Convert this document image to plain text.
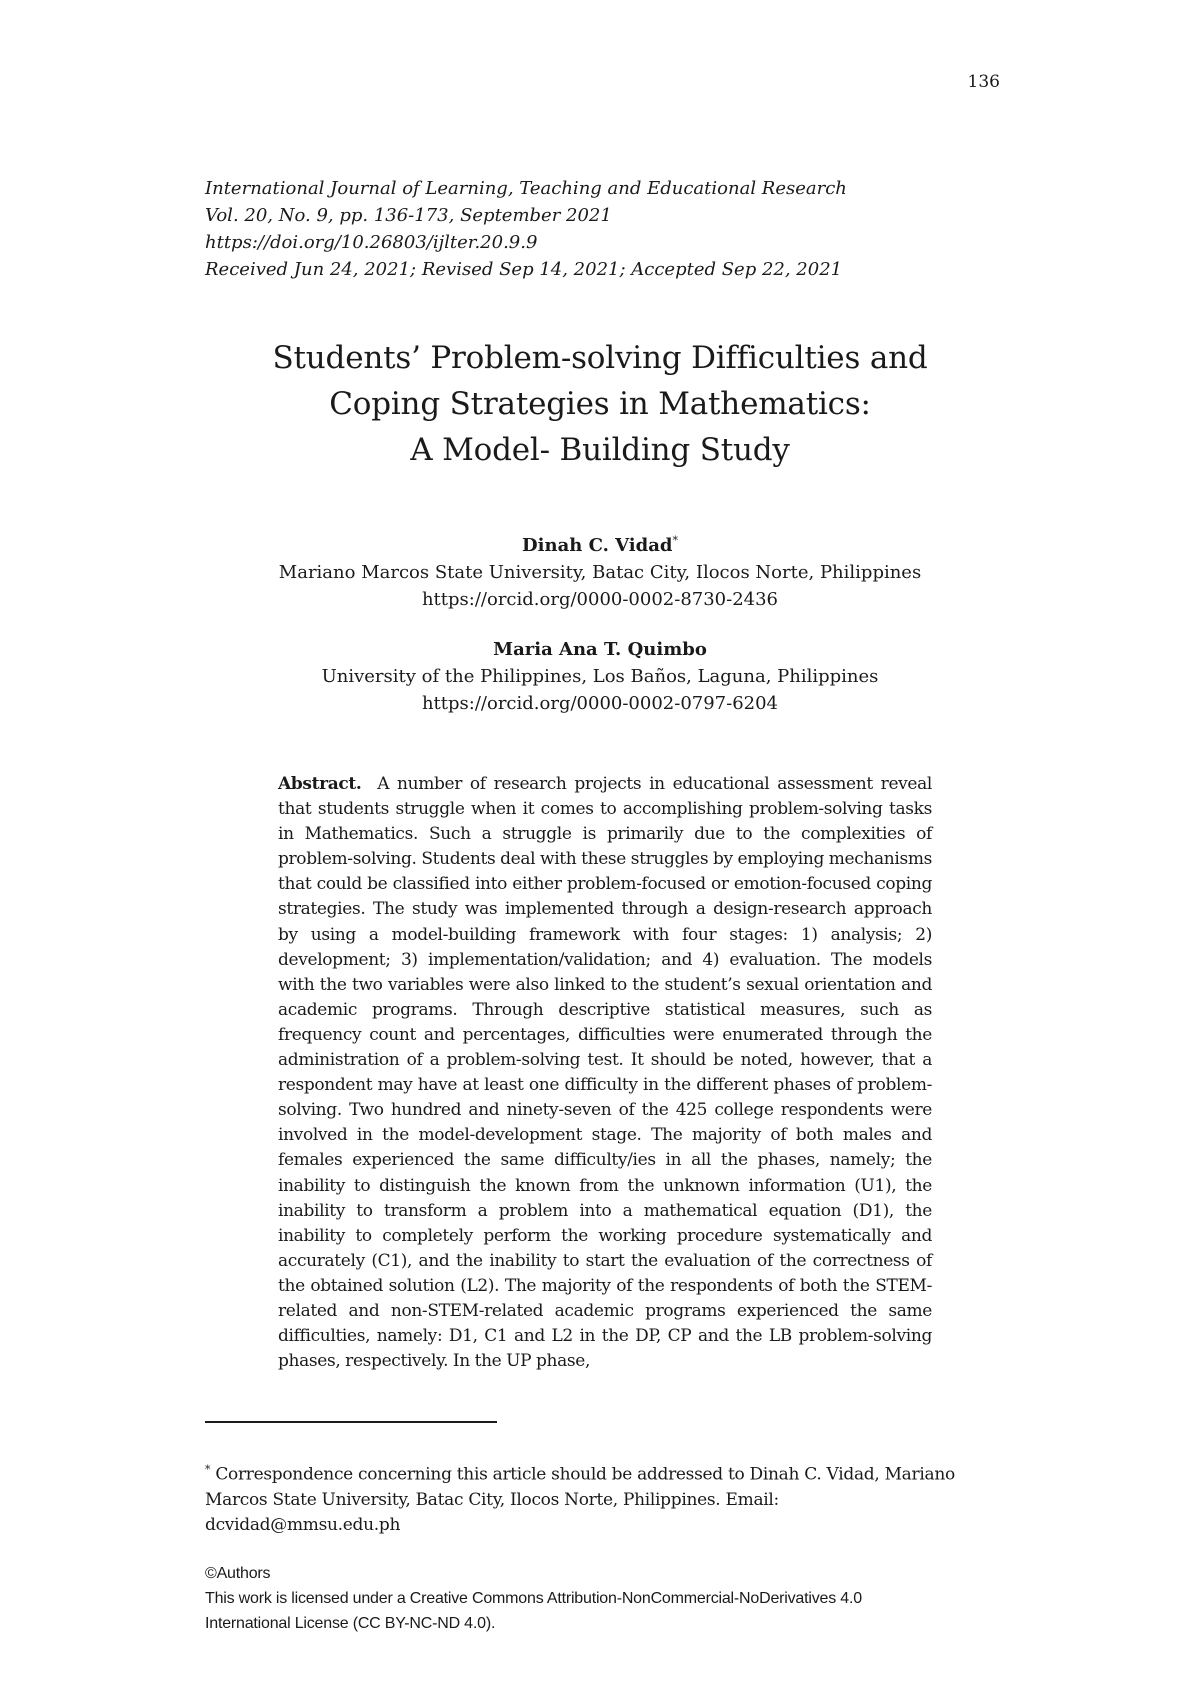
136
International Journal of Learning, Teaching and Educational Research
Vol. 20, No. 9, pp. 136-173, September 2021
https://doi.org/10.26803/ijlter.20.9.9
Received Jun 24, 2021; Revised Sep 14, 2021; Accepted Sep 22, 2021
Students’ Problem-solving Difficulties and
Coping Strategies in Mathematics:
A Model- Building Study
Dinah C. Vidad*
Mariano Marcos State University, Batac City, Ilocos Norte, Philippines
https://orcid.org/0000-0002-8730-2436
Maria Ana T. Quimbo
University of the Philippines, Los Baños, Laguna, Philippines
https://orcid.org/0000-0002-0797-6204
Abstract. A number of research projects in educational assessment reveal that students struggle when it comes to accomplishing problem-solving tasks in Mathematics. Such a struggle is primarily due to the complexities of problem-solving. Students deal with these struggles by employing mechanisms that could be classified into either problem-focused or emotion-focused coping strategies. The study was implemented through a design-research approach by using a model-building framework with four stages: 1) analysis; 2) development; 3) implementation/validation; and 4) evaluation. The models with the two variables were also linked to the student’s sexual orientation and academic programs. Through descriptive statistical measures, such as frequency count and percentages, difficulties were enumerated through the administration of a problem-solving test. It should be noted, however, that a respondent may have at least one difficulty in the different phases of problem-solving. Two hundred and ninety-seven of the 425 college respondents were involved in the model-development stage. The majority of both males and females experienced the same difficulty/ies in all the phases, namely; the inability to distinguish the known from the unknown information (U1), the inability to transform a problem into a mathematical equation (D1), the inability to completely perform the working procedure systematically and accurately (C1), and the inability to start the evaluation of the correctness of the obtained solution (L2). The majority of the respondents of both the STEM-related and non-STEM-related academic programs experienced the same difficulties, namely: D1, C1 and L2 in the DP, CP and the LB problem-solving phases, respectively. In the UP phase,
* Correspondence concerning this article should be addressed to Dinah C. Vidad, Mariano Marcos State University, Batac City, Ilocos Norte, Philippines. Email: dcvidad@mmsu.edu.ph
©Authors
This work is licensed under a Creative Commons Attribution-NonCommercial-NoDerivatives 4.0
International License (CC BY-NC-ND 4.0).
